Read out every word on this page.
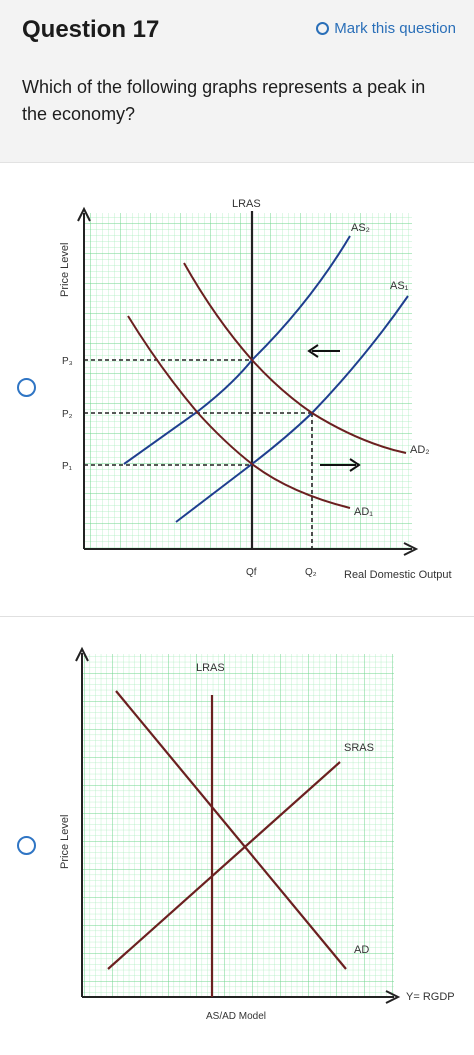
Question 17	Mark this question
Which of the following graphs represents a peak in the economy?
LRAS
AS₂
AS₁
AD₂
AD₁
Price Level
P₃
P₂
P₁
Qf	Q₂ Real Domestic Output
LRAS
SRAS
AD
Price Level
Y= RGDP
AS/AD Model
